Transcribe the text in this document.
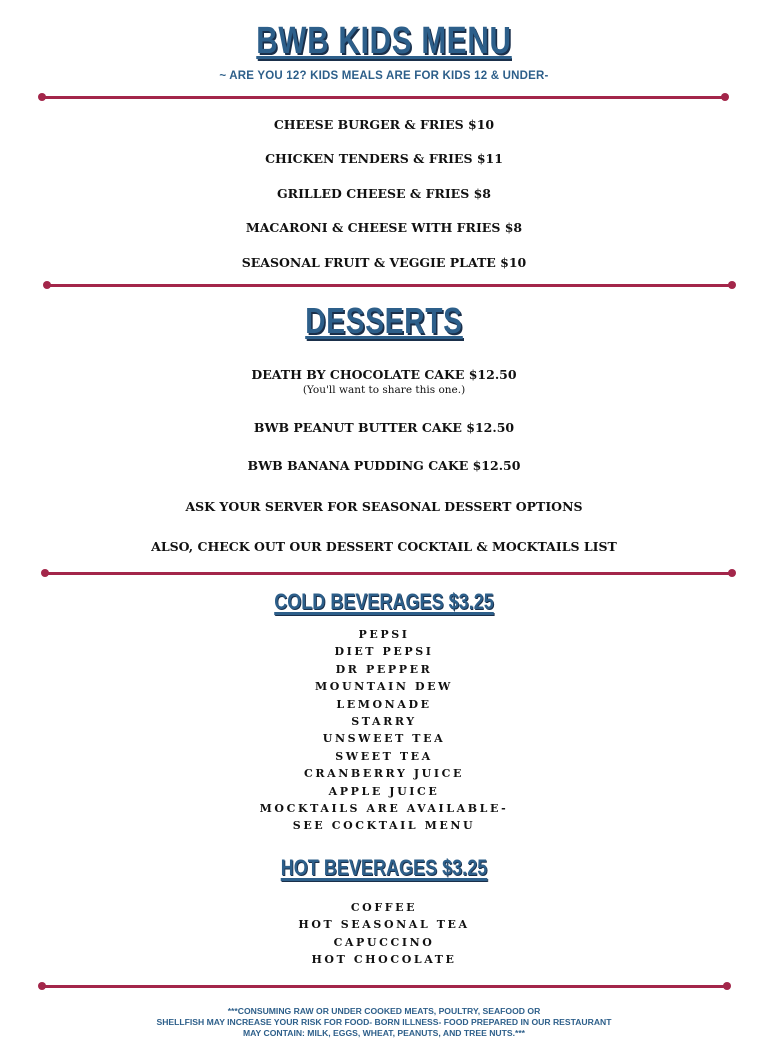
BWB KIDS MENU
~ ARE YOU 12? KIDS MEALS ARE FOR KIDS 12 & UNDER-
CHEESE BURGER & FRIES $10
CHICKEN TENDERS & FRIES $11
GRILLED CHEESE & FRIES $8
MACARONI & CHEESE WITH FRIES $8
SEASONAL FRUIT & VEGGIE PLATE $10
DESSERTS
DEATH BY CHOCOLATE CAKE $12.50
(You'll want to share this one.)
BWB PEANUT BUTTER CAKE $12.50
BWB BANANA PUDDING CAKE $12.50
ASK YOUR SERVER FOR SEASONAL DESSERT OPTIONS
ALSO, CHECK OUT OUR DESSERT COCKTAIL & MOCKTAILS LIST
COLD BEVERAGES $3.25
PEPSI
DIET PEPSI
DR PEPPER
MOUNTAIN DEW
LEMONADE
STARRY
UNSWEET TEA
SWEET TEA
CRANBERRY JUICE
APPLE JUICE
MOCKTAILS ARE AVAILABLE-
SEE COCKTAIL MENU
HOT BEVERAGES $3.25
COFFEE
HOT SEASONAL TEA
CAPUCCINO
HOT CHOCOLATE
***CONSUMING RAW OR UNDER COOKED MEATS, POULTRY, SEAFOOD OR
SHELLFISH MAY INCREASE YOUR RISK FOR FOOD- BORN ILLNESS- FOOD PREPARED IN OUR RESTAURANT
MAY CONTAIN: MILK, EGGS, WHEAT, PEANUTS, AND TREE NUTS.***
